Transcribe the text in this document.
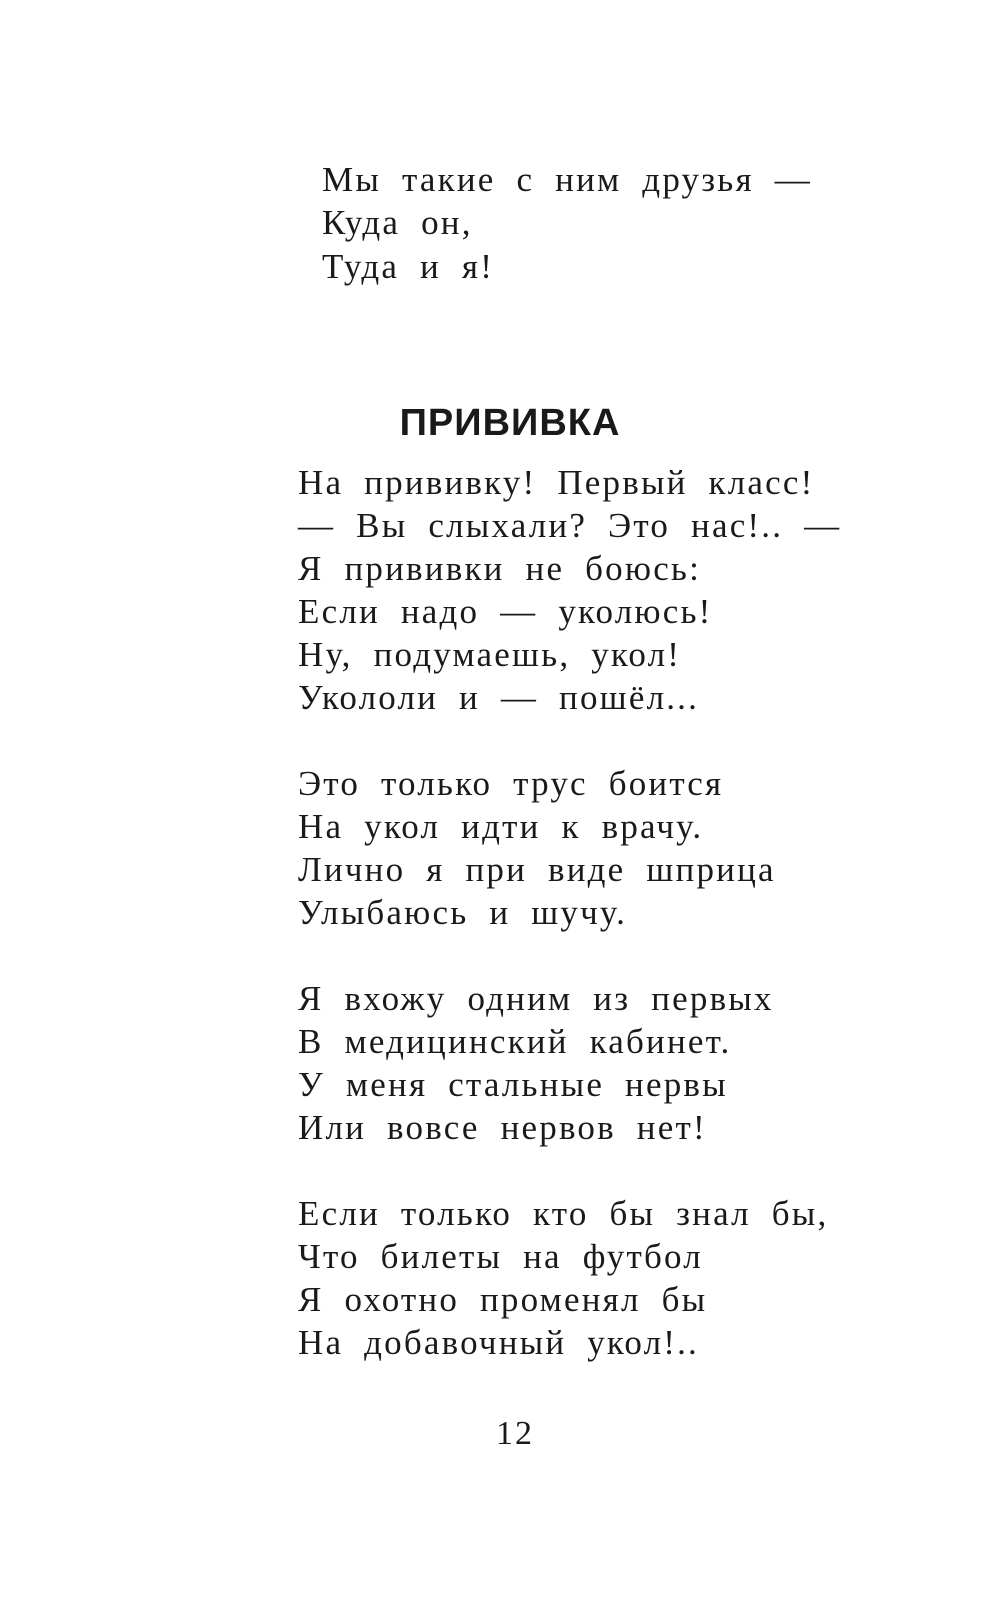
Мы такие с ним друзья —
Куда он,
Туда и я!
ПРИВИВКА
На прививку! Первый класс!
— Вы слыхали? Это нас!.. —
Я прививки не боюсь:
Если надо — уколюсь!
Ну, подумаешь, укол!
Укололи и — пошёл...
Это только трус боится
На укол идти к врачу.
Лично я при виде шприца
Улыбаюсь и шучу.
Я вхожу одним из первых
В медицинский кабинет.
У меня стальные нервы
Или вовсе нервов нет!
Если только кто бы знал бы,
Что билеты на футбол
Я охотно променял бы
На добавочный укол!..
12
